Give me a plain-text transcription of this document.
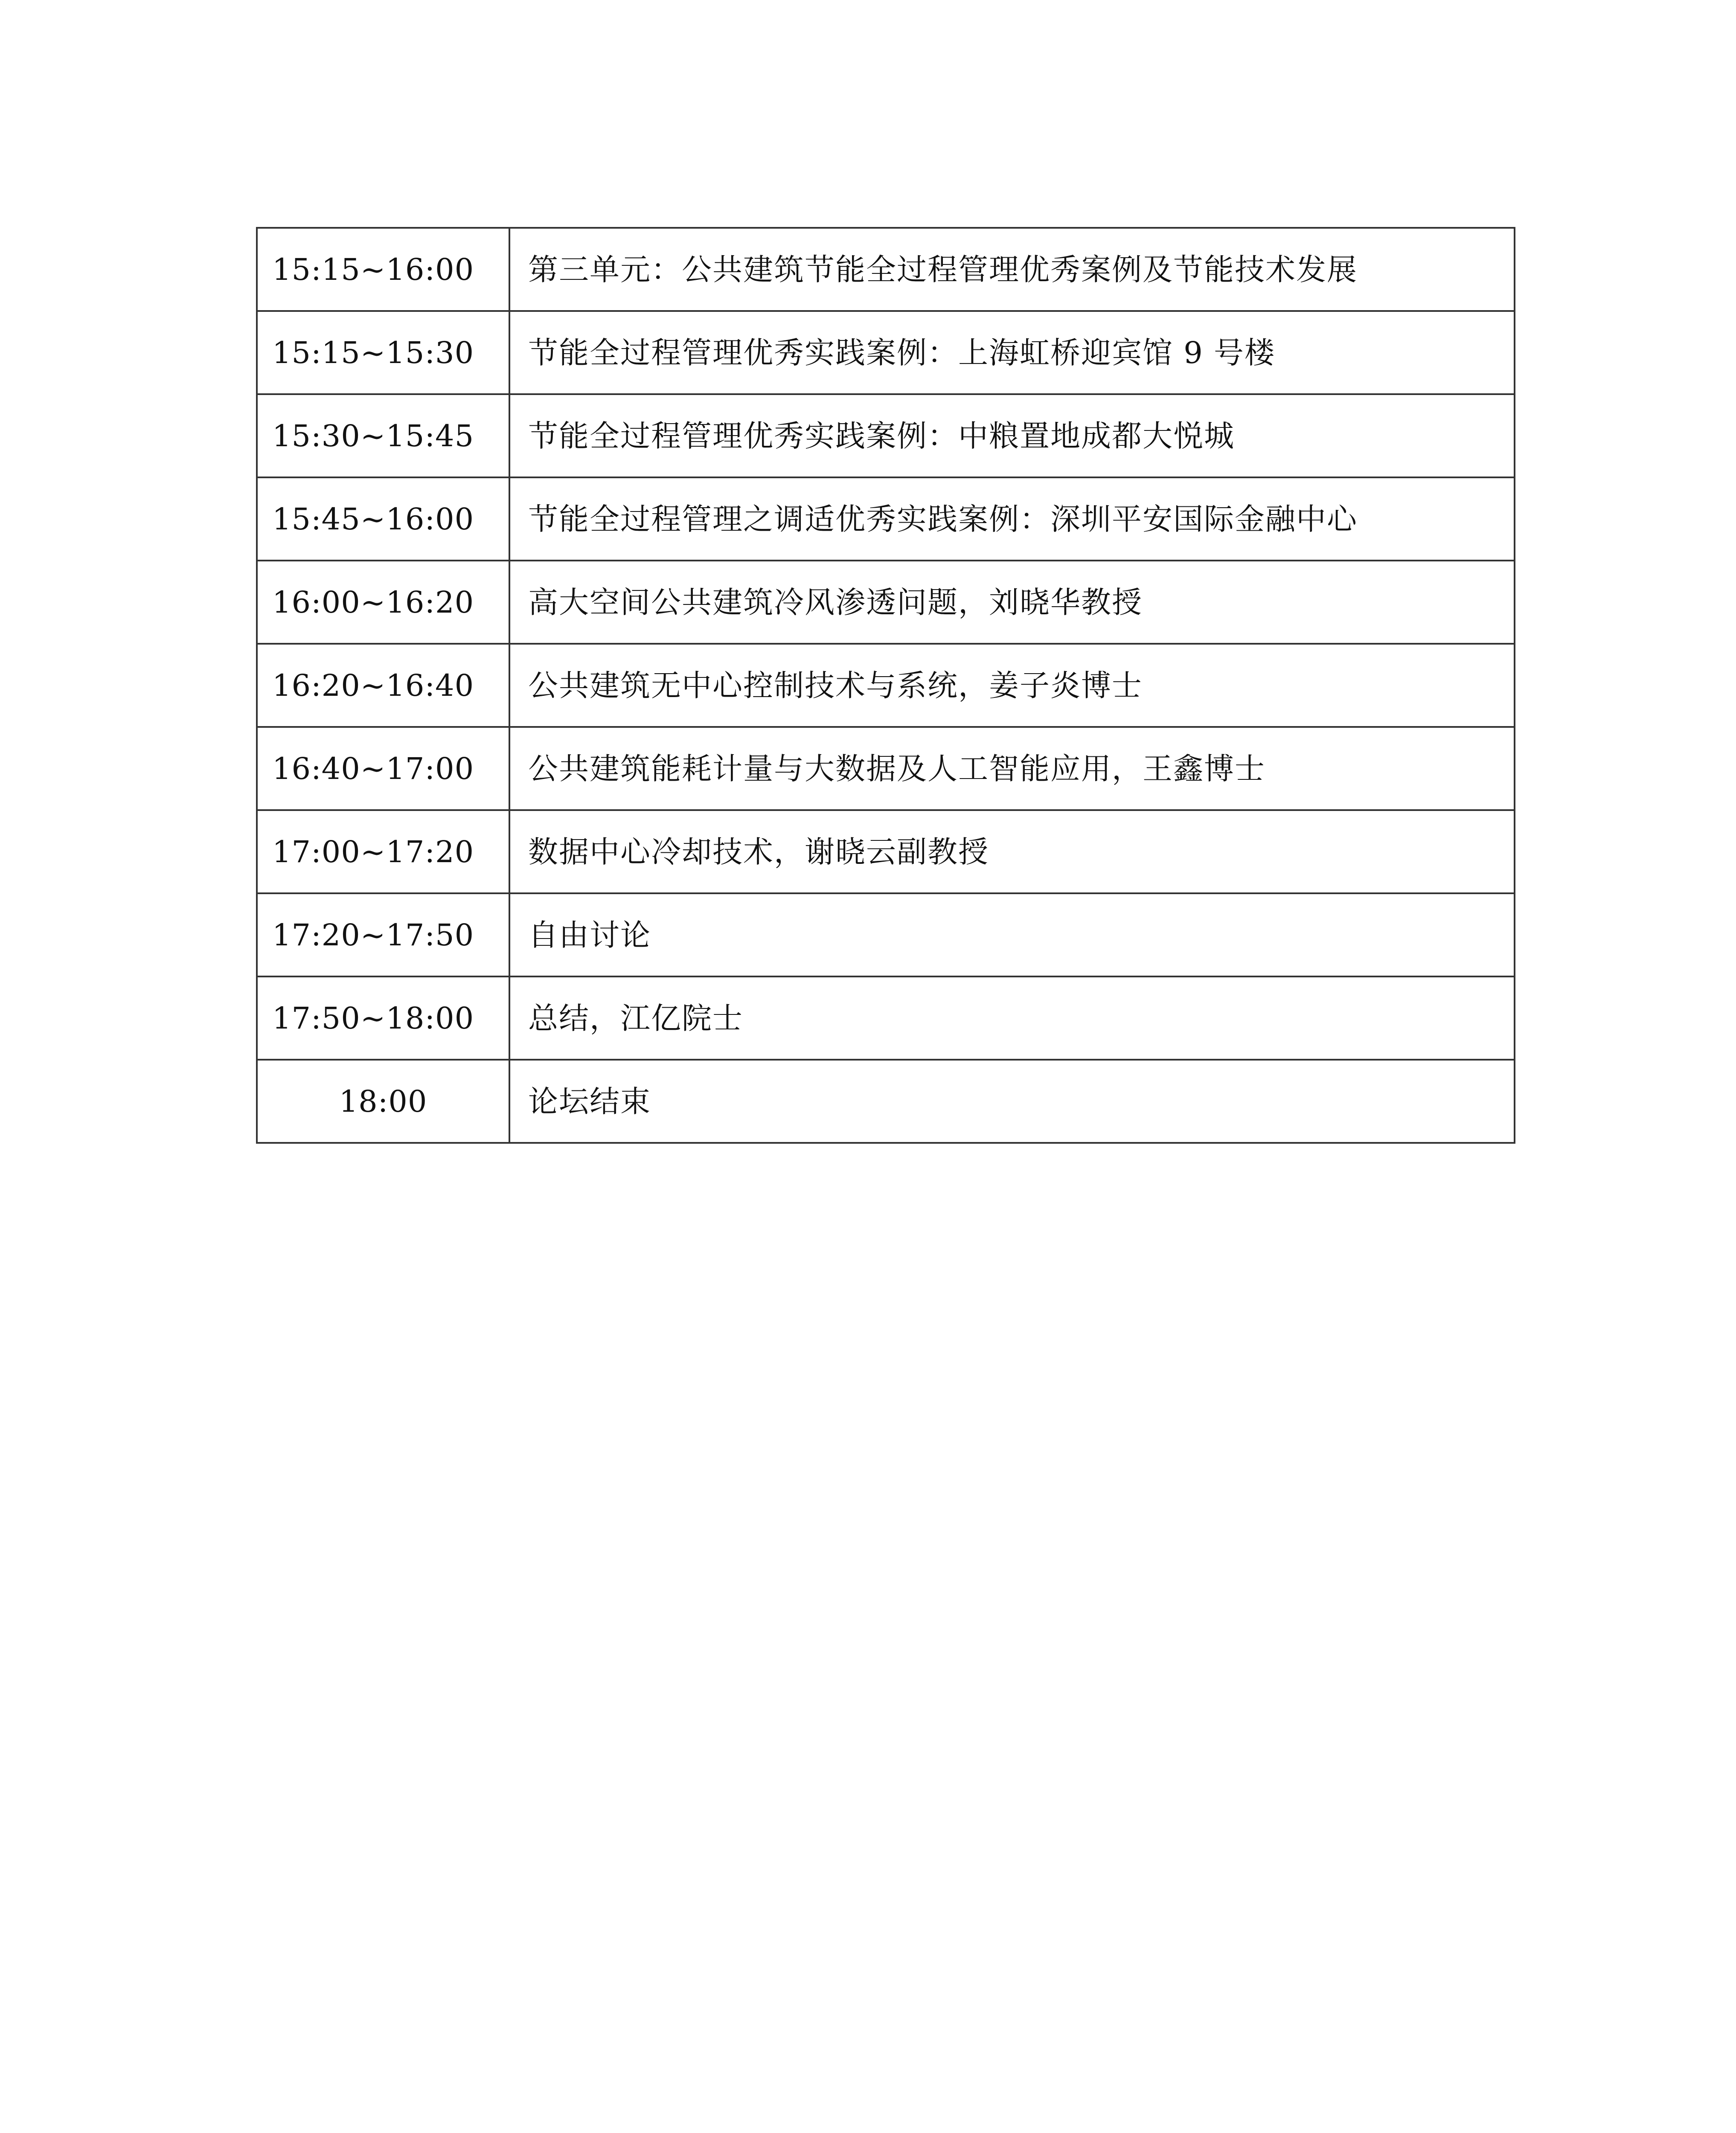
15:15~16:00	第三单元：公共建筑节能全过程管理优秀案例及节能技术发展
15:15~15:30	节能全过程管理优秀实践案例：上海虹桥迎宾馆 9 号楼
15:30~15:45	节能全过程管理优秀实践案例：中粮置地成都大悦城
15:45~16:00	节能全过程管理之调适优秀实践案例：深圳平安国际金融中心
16:00~16:20	高大空间公共建筑冷风渗透问题，刘晓华教授
16:20~16:40	公共建筑无中心控制技术与系统，姜子炎博士
16:40~17:00	公共建筑能耗计量与大数据及人工智能应用，王鑫博士
17:00~17:20	数据中心冷却技术，谢晓云副教授
17:20~17:50	自由讨论
17:50~18:00	总结，江亿院士
18:00	论坛结束
